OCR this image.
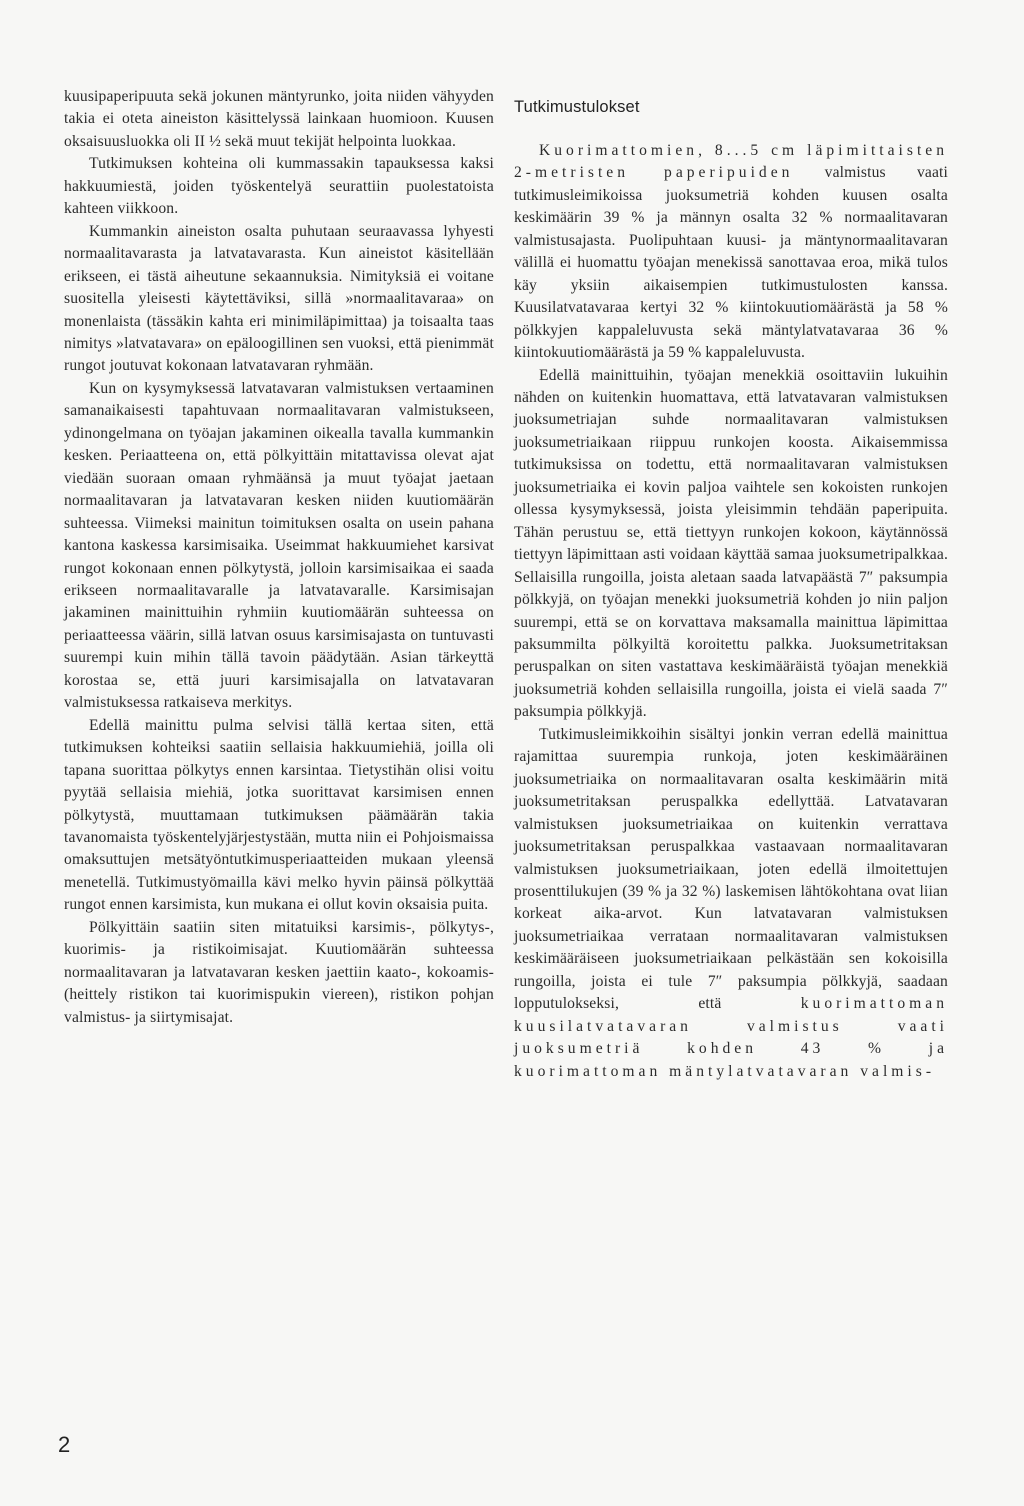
kuusipaperipuuta sekä jokunen mäntyrunko, joita niiden vähyyden takia ei oteta aineiston käsittelyssä lainkaan huomioon. Kuusen oksaisuusluokka oli II ½ sekä muut tekijät helpointa luokkaa.

Tutkimuksen kohteina oli kummassakin tapauksessa kaksi hakkuumiestä, joiden työskentelyä seurattiin puolestatoista kahteen viikkoon.

Kummankin aineiston osalta puhutaan seuraavassa lyhyesti normaalitavarasta ja latvatavarasta. Kun aineistot käsitellään erikseen, ei tästä aiheutune sekaannuksia. Nimityksiä ei voitane suositella yleisesti käytettäviksi, sillä »normaalitavaraa» on monenlaista (tässäkin kahta eri minimiläpimittaa) ja toisaalta taas nimitys »latvatavara» on epäloogillinen sen vuoksi, että pienimmät rungot joutuvat kokonaan latvatavaran ryhmään.

Kun on kysymyksessä latvatavaran valmistuksen vertaaminen samanaikaisesti tapahtuvaan normaalitavaran valmistukseen, ydinongelmana on työajan jakaminen oikealla tavalla kummankin kesken. Periaatteena on, että pölkyittäin mitattavissa olevat ajat viedään suoraan omaan ryhmäänsä ja muut työajat jaetaan normaalitavaran ja latvatavaran kesken niiden kuutiomäärän suhteessa. Viimeksi mainitun toimituksen osalta on usein pahana kantona kaskessa karsimisaika. Useimmat hakkuumiehet karsivat rungot kokonaan ennen pölkytystä, jolloin karsimisaikaa ei saada erikseen normaalitavaralle ja latvatavaralle. Karsimisajan jakaminen mainittuihin ryhmiin kuutiomäärän suhteessa on periaatteessa väärin, sillä latvan osuus karsimisajasta on tuntuvasti suurempi kuin mihin tällä tavoin päädytään. Asian tärkeyttä korostaa se, että juuri karsimisajalla on latvatavaran valmistuksessa ratkaiseva merkitys.

Edellä mainittu pulma selvisi tällä kertaa siten, että tutkimuksen kohteiksi saatiin sellaisia hakkuumiehiä, joilla oli tapana suorittaa pölkytys ennen karsintaa. Tietystihän olisi voitu pyytää sellaisia miehiä, jotka suorittavat karsimisen ennen pölkytystä, muuttamaan tutkimuksen päämäärän takia tavanomaista työskentelyjärjestystään, mutta niin ei Pohjoismaissa omaksuttujen metsätyöntutkimusperiaatteiden mukaan yleensä menetellä. Tutkimustyömailla kävi melko hyvin päinsä pölkyttää rungot ennen karsimista, kun mukana ei ollut kovin oksaisia puita.

Pölkyittäin saatiin siten mitatuiksi karsimis-, pölkytys-, kuorimis- ja ristikoimisajat. Kuutiomäärän suhteessa normaalitavaran ja latvatavaran kesken jaettiin kaato-, kokoamis- (heittely ristikon tai kuorimispukin viereen), ristikon pohjan valmistus- ja siirtymisajat.

Tutkimustulokset

Kuorimattomien, 8...5 cm läpimittaisten 2-metristen paperipuiden valmistus vaati tutkimusleimikoissa juoksumetriä kohden kuusen osalta keskimäärin 39 % ja männyn osalta 32 % normaalitavaran valmistusajasta. Puolipuhtaan kuusi- ja mäntynormaalitavaran välillä ei huomattu työajan menekissä sanottavaa eroa, mikä tulos käy yksiin aikaisempien tutkimustulosten kanssa. Kuusilatvatavaraa kertyi 32 % kiintokuutiomäärästä ja 58 % pölkkyjen kappaleluvusta sekä mäntylatvatavaraa 36 % kiintokuutiomäärästä ja 59 % kappaleluvusta.

Edellä mainittuihin, työajan menekkiä osoittaviin lukuihin nähden on kuitenkin huomattava, että latvatavaran valmistuksen juoksumetriajan suhde normaalitavaran valmistuksen juoksumetriaikaan riippuu runkojen koosta. Aikaisemmissa tutkimuksissa on todettu, että normaalitavaran valmistuksen juoksumetriaika ei kovin paljoa vaihtele sen kokoisten runkojen ollessa kysymyksessä, joista yleisimmin tehdään paperipuita. Tähän perustuu se, että tiettyyn runkojen kokoon, käytännössä tiettyyn läpimittaan asti voidaan käyttää samaa juoksumetripalkkaa. Sellaisilla rungoilla, joista aletaan saada latvapäästä 7″ paksumpia pölkkyjä, on työajan menekki juoksumetriä kohden jo niin paljon suurempi, että se on korvattava maksamalla mainittua läpimittaa paksummilta pölkyiltä koroitettu palkka. Juoksumetritaksan peruspalkan on siten vastattava keskimääräistä työajan menekkiä juoksumetriä kohden sellaisilla rungoilla, joista ei vielä saada 7″ paksumpia pölkkyjä.

Tutkimusleimikkoihin sisältyi jonkin verran edellä mainittua rajamittaa suurempia runkoja, joten keskimääräinen juoksumetriaika on normaalitavaran osalta keskimäärin mitä juoksumetritaksan peruspalkka edellyttää. Latvatavaran valmistuksen juoksumetriaikaa on kuitenkin verrattava juoksumetritaksan peruspalkkaa vastaavaan normaalitavaran valmistuksen juoksumetriaikaan, joten edellä ilmoitettujen prosenttilukujen (39 % ja 32 %) laskemisen lähtökohtana ovat liian korkeat aika-arvot. Kun latvatavaran valmistuksen juoksumetriaikaa verrataan normaalitavaran valmistuksen keskimääräiseen juoksumetriaikaan pelkästään sen kokoisilla rungoilla, joista ei tule 7″ paksumpia pölkkyjä, saadaan lopputulokseksi, että	kuorimattoman kuusilatvatavaran valmistus vaati juoksumetriä kohden 43 % ja kuorimattoman mäntylatvatavaran valmis-

2
